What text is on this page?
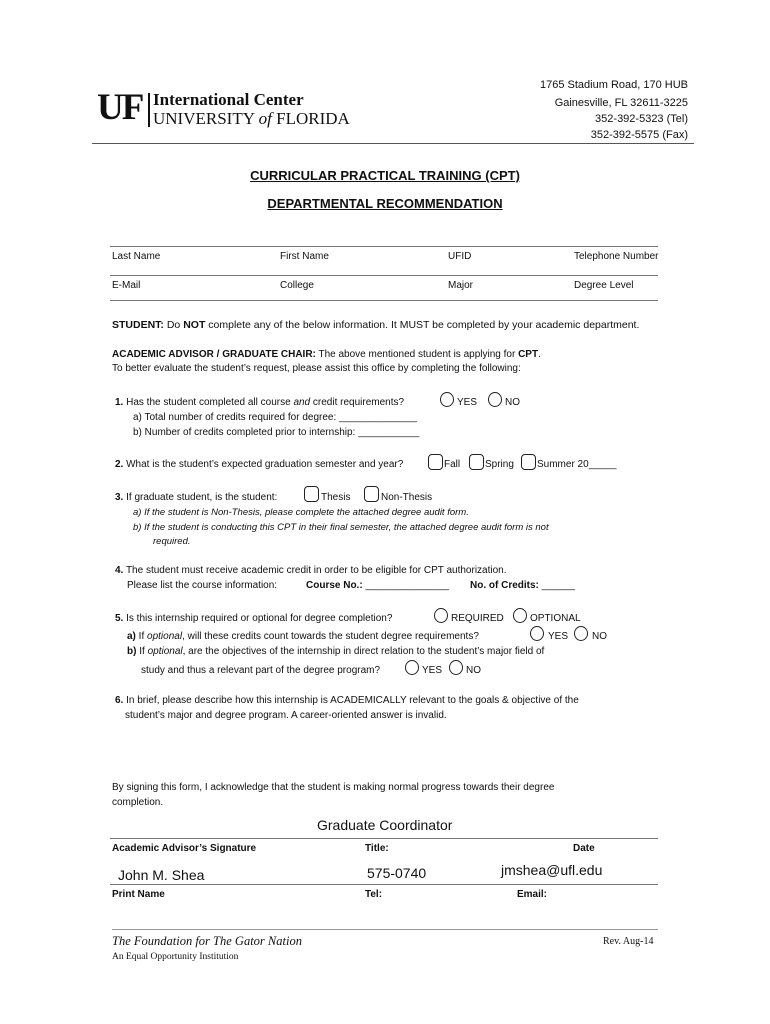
UF International Center
UNIVERSITY of FLORIDA
1765 Stadium Road, 170 HUB
Gainesville, FL 32611-3225
352-392-5323 (Tel)
352-392-5575 (Fax)
CURRICULAR PRACTICAL TRAINING (CPT)
DEPARTMENTAL RECOMMENDATION
Last Name	First Name	UFID	Telephone Number
E-Mail	College	Major	Degree Level
STUDENT: Do NOT complete any of the below information. It MUST be completed by your academic department.
ACADEMIC ADVISOR / GRADUATE CHAIR: The above mentioned student is applying for CPT.
To better evaluate the student’s request, please assist this office by completing the following:
1. Has the student completed all course and credit requirements?	YES	NO
a) Total number of credits required for degree: ______________
b) Number of credits completed prior to internship: ___________
2. What is the student’s expected graduation semester and year?	Fall Spring Summer 20_____
3. If graduate student, is the student:	Thesis	Non-Thesis
a) If the student is Non-Thesis, please complete the attached degree audit form.
b) If the student is conducting this CPT in their final semester, the attached degree audit form is not
required.
4. The student must receive academic credit in order to be eligible for CPT authorization.
Please list the course information:	Course No.: _______________ No. of Credits: ______
5. Is this internship required or optional for degree completion?	REQUIRED	OPTIONAL
a) If optional, will these credits count towards the student degree requirements?	YES NO
b) If optional, are the objectives of the internship in direct relation to the student’s major field of
study and thus a relevant part of the degree program?	YES NO
6. In brief, please describe how this internship is ACADEMICALLY relevant to the goals & objective of the
student’s major and degree program. A career-oriented answer is invalid.
By signing this form, I acknowledge that the student is making normal progress towards their degree
completion.
Graduate Coordinator
Academic Advisor’s Signature	Title:	Date
John M. Shea	575-0740	jmshea@ufl.edu
Print Name	Tel:	Email:
The Foundation for The Gator Nation	Rev. Aug-14
An Equal Opportunity Institution
